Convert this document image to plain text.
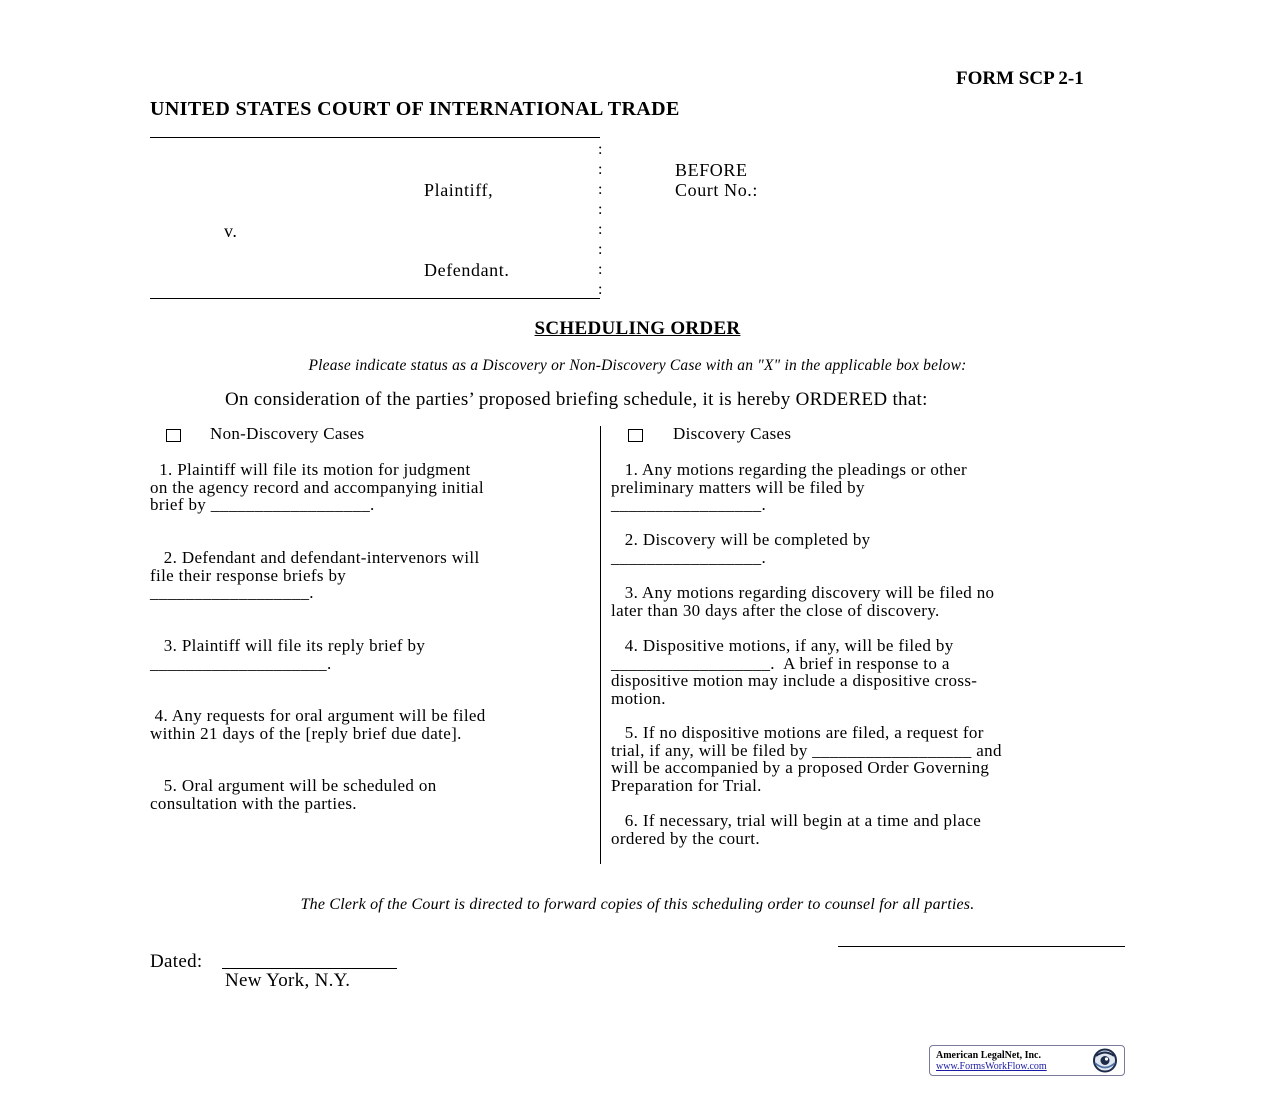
FORM SCP 2-1
UNITED STATES COURT OF INTERNATIONAL TRADE
:
:
:
:
:
:
:
:
Plaintiff,
v.
Defendant.
BEFORE
Court No.:
SCHEDULING ORDER
Please indicate status as a Discovery or Non-Discovery Case with an "X" in the applicable box below:
On consideration of the parties’ proposed briefing schedule, it is hereby ORDERED that:
Non-Discovery Cases	Discovery Cases
1. Plaintiff will file its motion for judgment
on the agency record and accompanying initial
brief by __________________.
2. Defendant and defendant-intervenors will
file their response briefs by
__________________.
3. Plaintiff will file its reply brief by
____________________.
4. Any requests for oral argument will be filed
within 21 days of the [reply brief due date].
5. Oral argument will be scheduled on
consultation with the parties.
1. Any motions regarding the pleadings or other
preliminary matters will be filed by
_________________.
2. Discovery will be completed by
_________________.
3. Any motions regarding discovery will be filed no
later than 30 days after the close of discovery.
4. Dispositive motions, if any, will be filed by
__________________.  A brief in response to a
dispositive motion may include a dispositive cross-
motion.
5. If no dispositive motions are filed, a request for
trial, if any, will be filed by __________________ and
will be accompanied by a proposed Order Governing
Preparation for Trial.
6. If necessary, trial will begin at a time and place
ordered by the court.
The Clerk of the Court is directed to forward copies of this scheduling order to counsel for all parties.
Dated:
New York, N.Y.
American LegalNet, Inc.
www.FormsWorkFlow.com
